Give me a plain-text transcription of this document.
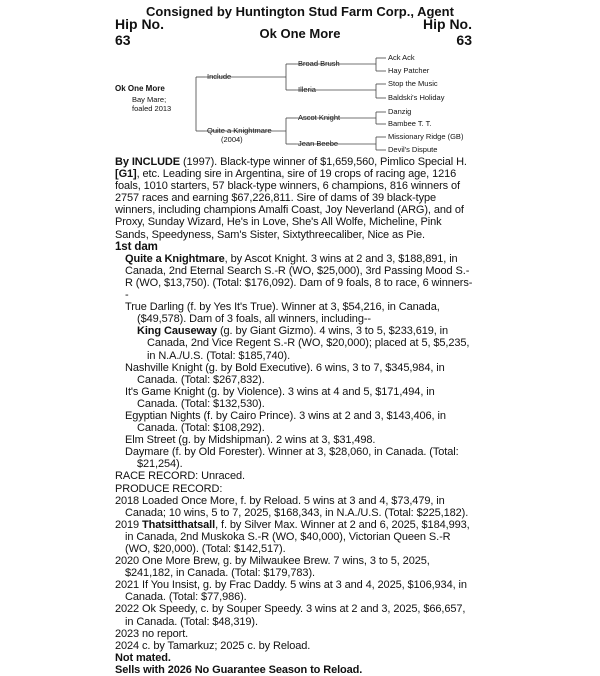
Consigned by Huntington Stud Farm Corp., Agent
Hip No.
63
Hip No.
63
Ok One More
Ok One More
Bay Mare;
foaled 2013
Include
Quite a Knightmare
(2004)
Broad Brush
Illeria
Ascot Knight
Jean Beebe
Ack Ack
Hay Patcher
Stop the Music
Baldski's Holiday
Danzig
Bambee T. T.
Missionary Ridge (GB)
Devil's Dispute

By INCLUDE (1997). Black-type winner of $1,659,560, Pimlico Special H. [G1], etc. Leading sire in Argentina, sire of 19 crops of racing age, 1216 foals, 1010 starters, 57 black-type winners, 6 champions, 816 winners of 2757 races and earning $67,226,811. Sire of dams of 39 black-type winners, including champions Amalfi Coast, Joy Neverland (ARG), and of Proxy, Sunday Wizard, He's in Love, She's All Wolfe, Micheline, Pink Sands, Speedyness, Sam's Sister, Sixtythreecaliber, Nice as Pie.

1st dam

Quite a Knightmare, by Ascot Knight. 3 wins at 2 and 3, $188,891, in Canada, 2nd Eternal Search S.-R (WO, $25,000), 3rd Passing Mood S.-R (WO, $13,750). (Total: $176,092). Dam of 9 foals, 8 to race, 6 winners--

True Darling (f. by Yes It's True). Winner at 3, $54,216, in Canada, ($49,578). Dam of 3 foals, all winners, including--

King Causeway (g. by Giant Gizmo). 4 wins, 3 to 5, $233,619, in Canada, 2nd Vice Regent S.-R (WO, $20,000); placed at 5, $5,235, in N.A./U.S. (Total: $185,740).

Nashville Knight (g. by Bold Executive). 6 wins, 3 to 7, $345,984, in Canada. (Total: $267,832).

It's Game Knight (g. by Violence). 3 wins at 4 and 5, $171,494, in Canada. (Total: $132,530).

Egyptian Nights (f. by Cairo Prince). 3 wins at 2 and 3, $143,406, in Canada. (Total: $108,292).

Elm Street (g. by Midshipman). 2 wins at 3, $31,498.

Daymare (f. by Old Forester). Winner at 3, $28,060, in Canada. (Total: $21,254).

RACE RECORD: Unraced.

PRODUCE RECORD:

2018 Loaded Once More, f. by Reload. 5 wins at 3 and 4, $73,479, in Canada; 10 wins, 5 to 7, 2025, $168,343, in N.A./U.S. (Total: $225,182).

2019 Thatsitthatsall, f. by Silver Max. Winner at 2 and 6, 2025, $184,993, in Canada, 2nd Muskoka S.-R (WO, $40,000), Victorian Queen S.-R (WO, $20,000). (Total: $142,517).

2020 One More Brew, g. by Milwaukee Brew. 7 wins, 3 to 5, 2025, $241,182, in Canada. (Total: $179,783).

2021 If You Insist, g. by Frac Daddy. 5 wins at 3 and 4, 2025, $106,934, in Canada. (Total: $77,986).

2022 Ok Speedy, c. by Souper Speedy. 3 wins at 2 and 3, 2025, $66,657, in Canada. (Total: $48,319).

2023 no report.

2024 c. by Tamarkuz; 2025 c. by Reload.

Not mated.

Sells with 2026 No Guarantee Season to Reload.
